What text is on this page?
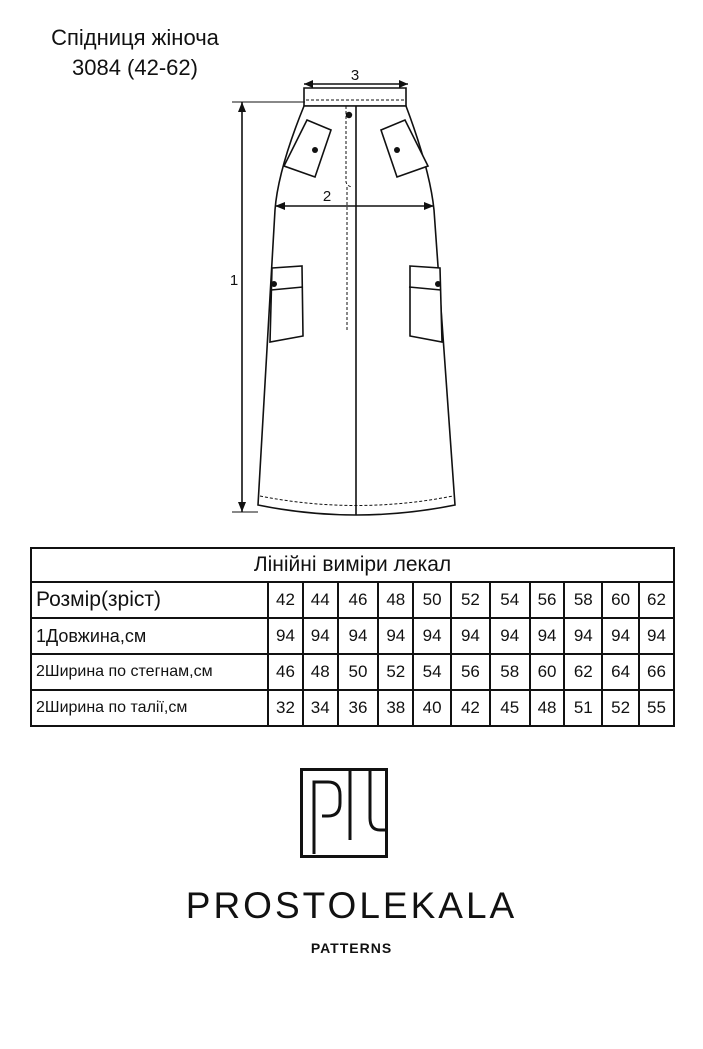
Спідниця жіноча
3084 (42-62)	3
2
1
Лінійні виміри лекал											
Розмір(зріст)	42	44	46	48	50	52	54	56	58	60	62
1Довжина,см	94	94	94	94	94	94	94	94	94	94	94
2Ширина по стегнам,см	46	48	50	52	54	56	58	60	62	64	66
2Ширина по талії,см	32	34	36	38	40	42	45	48	51	52	55
PROSTOLEKALA
PATTERNS
